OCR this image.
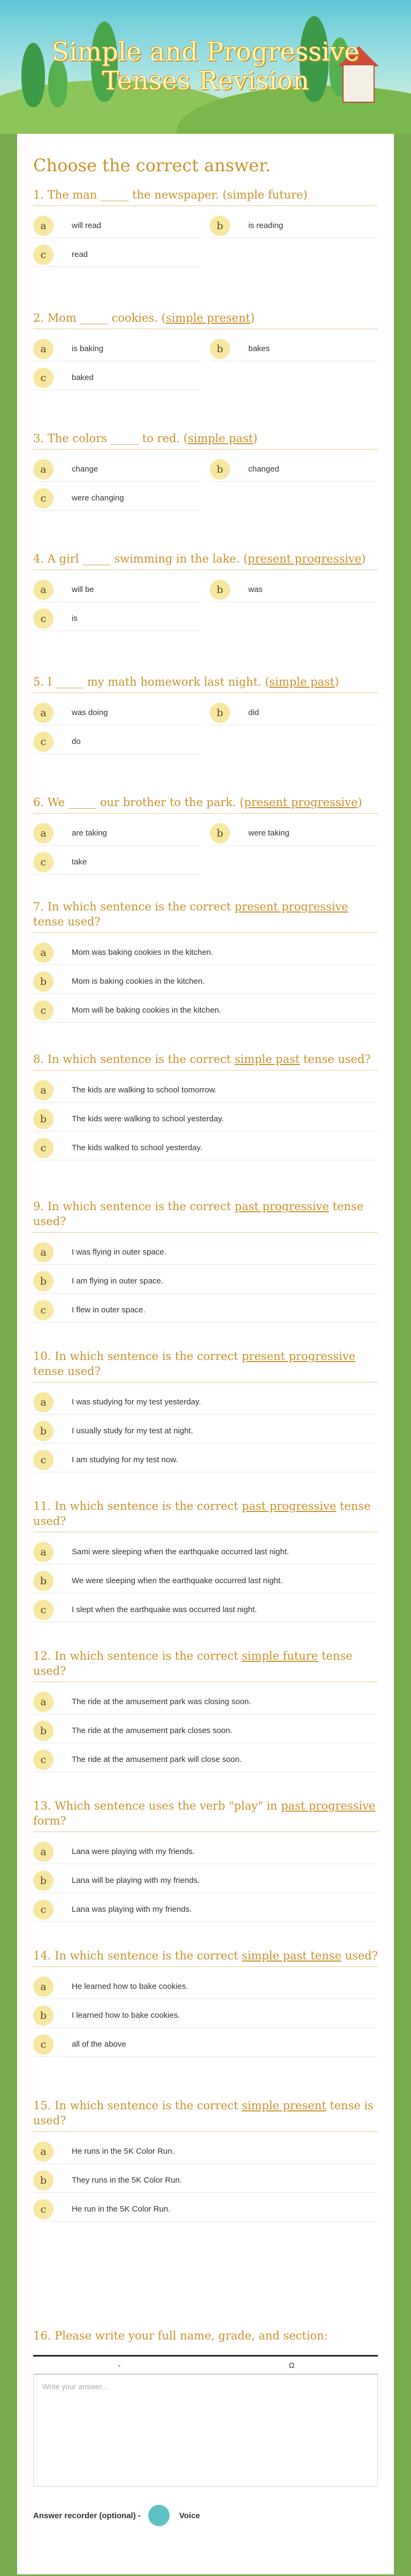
Simple and Progressive
Tenses Revision
Choose the correct answer.
-	Ω
Write your answer...
Answer recorder (optional) -	Voice
1. The man _____ the newspaper. (simple future)
a	will read	b	is reading
c	read
2. Mom _____ cookies. (simple present)
a	is baking	b	bakes
c	baked
3. The colors _____ to red. (simple past)
a	change	b	changed
c	were changing
4. A girl _____ swimming in the lake. (present progressive)
a	will be	b	was
c	is
5. I _____ my math homework last night. (simple past)
a	was doing	b	did
c	do
6. We _____ our brother to the park. (present progressive)
a	are taking	b	were taking
c	take
7. In which sentence is the correct present progressive tense used?
a	Mom was baking cookies in the kitchen.
b	Mom is baking cookies in the kitchen.
c	Mom will be baking cookies in the kitchen.
8. In which sentence is the correct simple past tense used?
a	The kids are walking to school tomorrow.
b	The kids were walking to school yesterday.
c	The kids walked to school yesterday.
9. In which sentence is the correct past progressive tense used?
a	I was flying in outer space.
b	I am flying in outer space.
c	I flew in outer space.
10. In which sentence is the correct present progressive tense used?
a	I was studying for my test yesterday.
b	I usually study for my test at night.
c	I am studying for my test now.
11. In which sentence is the correct past progressive tense used?
a	Sami were sleeping when the earthquake occurred last night.
b	We were sleeping when the earthquake occurred last night.
c	I slept when the earthquake was occurred last night.
12. In which sentence is the correct simple future tense used?
a	The ride at the amusement park was closing soon.
b	The ride at the amusement park closes soon.
c	The ride at the amusement park will close soon.
13. Which sentence uses the verb "play" in past progressive form?
a	Lana were playing with my friends.
b	Lana will be playing with my friends.
c	Lana was playing with my friends.
14. In which sentence is the correct simple past tense used?
a	He learned how to bake cookies.
b	I learned how to bake cookies.
c	all of the above
15. In which sentence is the correct simple present tense is used?
a	He runs in the 5K Color Run.
b	They runs in the 5K Color Run.
c	He run in the 5K Color Run.
16. Please write your full name, grade, and section:
